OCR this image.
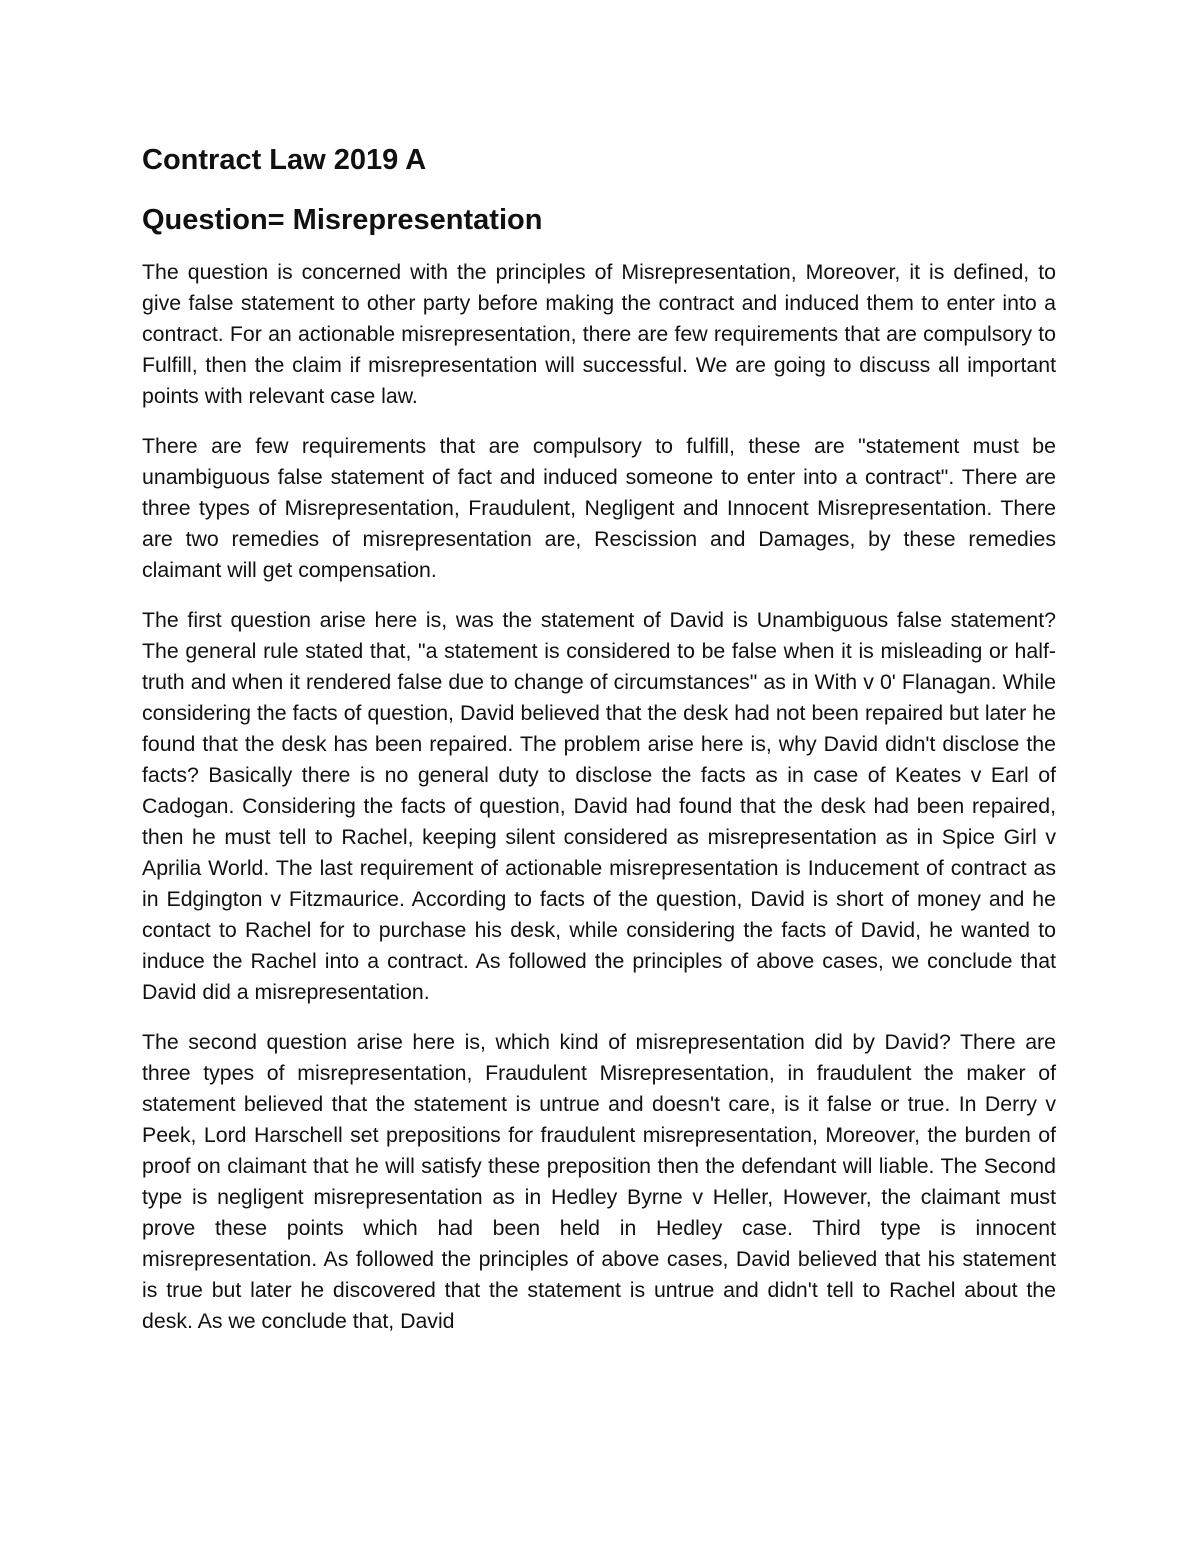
Contract Law 2019 A
Question= Misrepresentation

The question is concerned with the principles of Misrepresentation, Moreover, it is defined, to give false statement to other party before making the contract and induced them to enter into a contract. For an actionable misrepresentation, there are few requirements that are compulsory to Fulfill, then the claim if misrepresentation will successful. We are going to discuss all important points with relevant case law.

There are few requirements that are compulsory to fulfill, these are "statement must be unambiguous false statement of fact and induced someone to enter into a contract". There are three types of Misrepresentation, Fraudulent, Negligent and Innocent Misrepresentation. There are two remedies of misrepresentation are, Rescission and Damages, by these remedies claimant will get compensation.

The first question arise here is, was the statement of David is Unambiguous false statement? The general rule stated that, "a statement is considered to be false when it is misleading or half-truth and when it rendered false due to change of circumstances" as in With v 0' Flanagan. While considering the facts of question, David believed that the desk had not been repaired but later he found that the desk has been repaired. The problem arise here is, why David didn't disclose the facts? Basically there is no general duty to disclose the facts as in case of Keates v Earl of Cadogan. Considering the facts of question, David had found that the desk had been repaired, then he must tell to Rachel, keeping silent considered as misrepresentation as in Spice Girl v Aprilia World. The last requirement of actionable misrepresentation is Inducement of contract as in Edgington v Fitzmaurice. According to facts of the question, David is short of money and he contact to Rachel for to purchase his desk, while considering the facts of David, he wanted to induce the Rachel into a contract. As followed the principles of above cases, we conclude that David did a misrepresentation.

The second question arise here is, which kind of misrepresentation did by David? There are three types of misrepresentation, Fraudulent Misrepresentation, in fraudulent the maker of statement believed that the statement is untrue and doesn't care, is it false or true. In Derry v Peek, Lord Harschell set prepositions for fraudulent misrepresentation, Moreover, the burden of proof on claimant that he will satisfy these preposition then the defendant will liable. The Second type is negligent misrepresentation as in Hedley Byrne v Heller, However, the claimant must prove these points which had been held in Hedley case. Third type is innocent misrepresentation. As followed the principles of above cases, David believed that his statement is true but later he discovered that the statement is untrue and didn't tell to Rachel about the desk. As we conclude that, David
